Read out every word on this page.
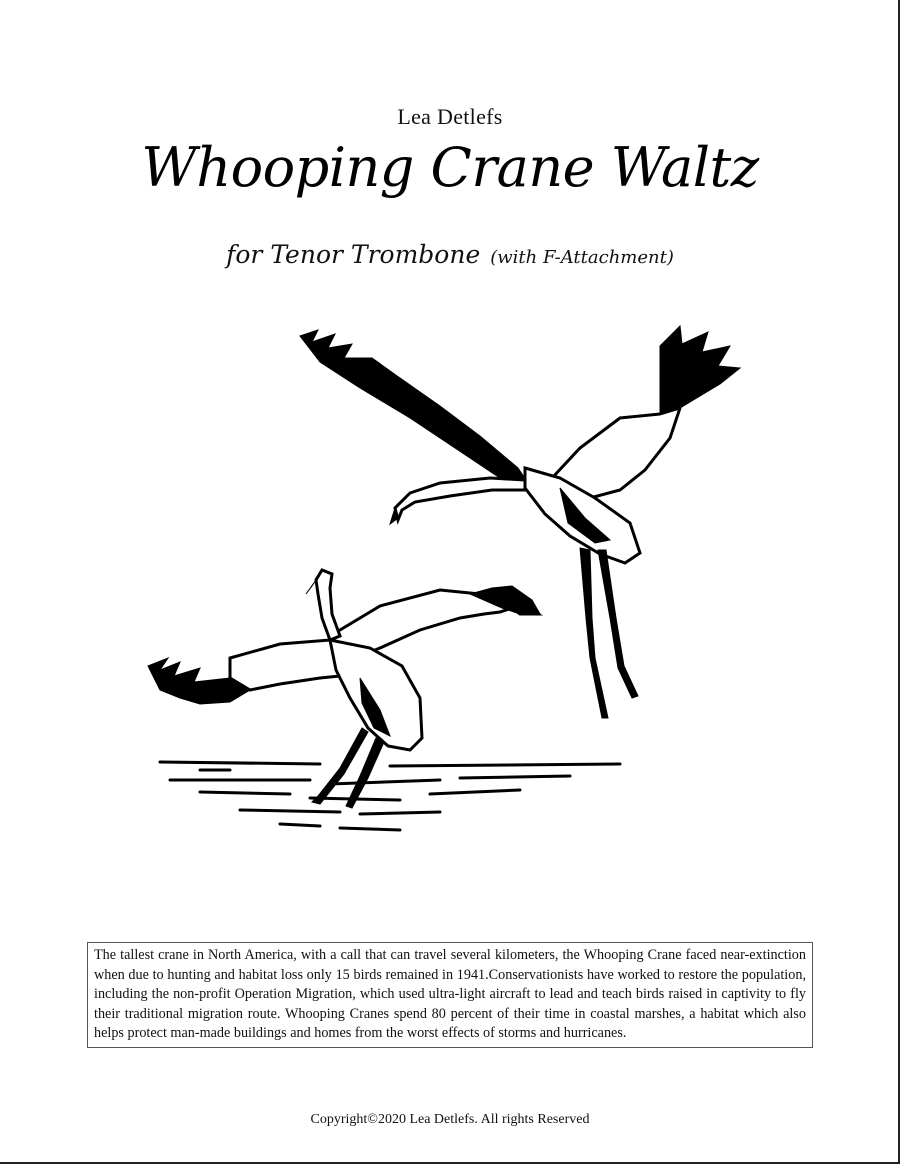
Lea Detlefs
Whooping Crane Waltz
for Tenor Trombone (with F-Attachment)
The tallest crane in North America, with a call that can travel several kilometers, the Whooping Crane faced near-extinction when due to hunting and habitat loss only 15 birds remained in 1941.Conservationists have worked to restore the population, including the non-profit Operation Migration, which used ultra-light aircraft to lead and teach birds raised in captivity to fly their traditional migration route. Whooping Cranes spend 80 percent of their time in coastal marshes, a habitat which also helps protect man-made buildings and homes from the worst effects of storms and hurricanes.
Copyright©2020 Lea Detlefs. All rights Reserved
